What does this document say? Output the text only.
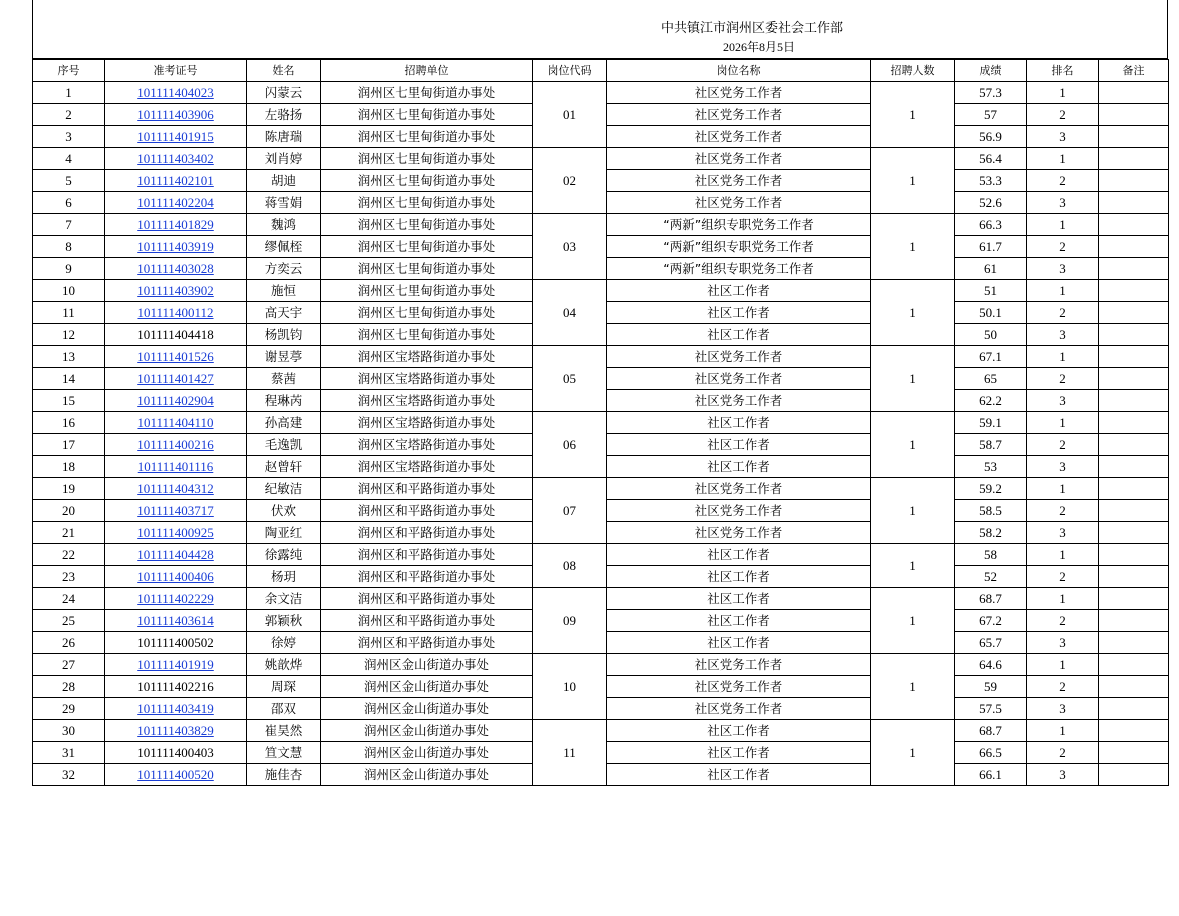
中共镇江市润州区委社会工作部
2026年8月5日
序号	准考证号	姓名	招聘单位	岗位代码	岗位名称	招聘人数	成绩	排名	备注
1	101111404023	闪蒙云	润州区七里甸街道办事处	01	社区党务工作者	1	57.3	1	
2	101111403906	左骆扬	润州区七里甸街道办事处		社区党务工作者		57	2	
3	101111401915	陈唐瑞	润州区七里甸街道办事处		社区党务工作者		56.9	3	
4	101111403402	刘肖婷	润州区七里甸街道办事处	02	社区党务工作者	1	56.4	1	
5	101111402101	胡迪	润州区七里甸街道办事处		社区党务工作者		53.3	2	
6	101111402204	蒋雪娟	润州区七里甸街道办事处		社区党务工作者		52.6	3	
7	101111401829	魏鸿	润州区七里甸街道办事处	03	“两新”组织专职党务工作者	1	66.3	1	
8	101111403919	缪佩桎	润州区七里甸街道办事处		“两新”组织专职党务工作者		61.7	2	
9	101111403028	方奕云	润州区七里甸街道办事处		“两新”组织专职党务工作者		61	3	
10	101111403902	施恒	润州区七里甸街道办事处	04	社区工作者	1	51	1	
11	101111400112	高天宇	润州区七里甸街道办事处		社区工作者		50.1	2	
12	101111404418	杨凯钧	润州区七里甸街道办事处		社区工作者		50	3	
13	101111401526	谢昱葶	润州区宝塔路街道办事处	05	社区党务工作者	1	67.1	1	
14	101111401427	蔡茜	润州区宝塔路街道办事处		社区党务工作者		65	2	
15	101111402904	程琳芮	润州区宝塔路街道办事处		社区党务工作者		62.2	3	
16	101111404110	孙高建	润州区宝塔路街道办事处	06	社区工作者	1	59.1	1	
17	101111400216	毛逸凯	润州区宝塔路街道办事处		社区工作者		58.7	2	
18	101111401116	赵曾轩	润州区宝塔路街道办事处		社区工作者		53	3	
19	101111404312	纪敏洁	润州区和平路街道办事处	07	社区党务工作者	1	59.2	1	
20	101111403717	伏欢	润州区和平路街道办事处		社区党务工作者		58.5	2	
21	101111400925	陶亚红	润州区和平路街道办事处		社区党务工作者		58.2	3	
22	101111404428	徐露纯	润州区和平路街道办事处	08	社区工作者	1	58	1	
23	101111400406	杨玥	润州区和平路街道办事处		社区工作者		52	2	
24	101111402229	余文洁	润州区和平路街道办事处	09	社区工作者	1	68.7	1	
25	101111403614	郭颖秋	润州区和平路街道办事处		社区工作者		67.2	2	
26	101111400502	徐婷	润州区和平路街道办事处		社区工作者		65.7	3	
27	101111401919	姚歆烨	润州区金山街道办事处	10	社区党务工作者	1	64.6	1	
28	101111402216	周琛	润州区金山街道办事处		社区党务工作者		59	2	
29	101111403419	邵双	润州区金山街道办事处		社区党务工作者		57.5	3	
30	101111403829	崔昊然	润州区金山街道办事处	11	社区工作者	1	68.7	1	
31	101111400403	笪文慧	润州区金山街道办事处		社区工作者		66.5	2	
32	101111400520	施佳杏	润州区金山街道办事处		社区工作者		66.1	3	
